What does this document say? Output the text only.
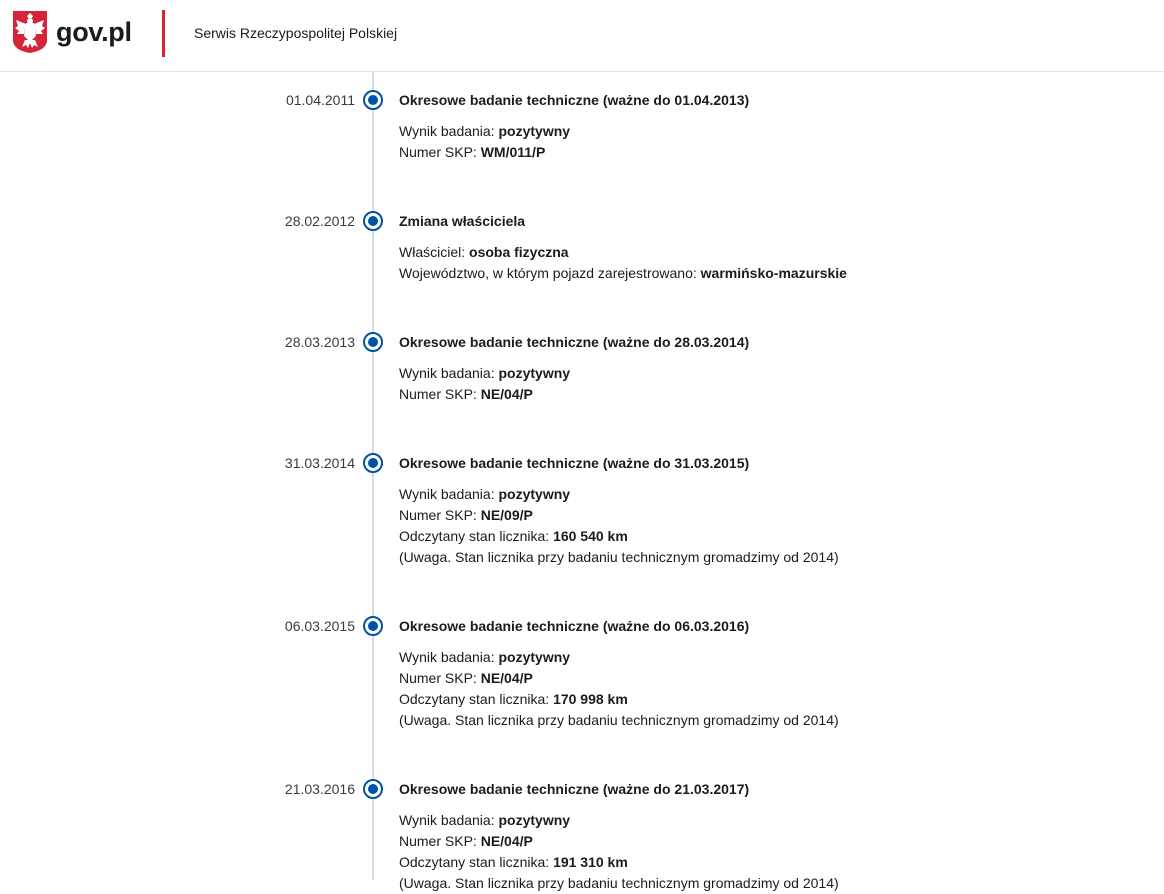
gov.pl	Serwis Rzeczypospolitej Polskiej
01.04.2011	Okresowe badanie techniczne (ważne do 01.04.2013)
Wynik badania: pozytywny
Numer SKP: WM/011/P
28.02.2012	Zmiana właściciela
Właściciel: osoba fizyczna
Województwo, w którym pojazd zarejestrowano: warmińsko-mazurskie
28.03.2013	Okresowe badanie techniczne (ważne do 28.03.2014)
Wynik badania: pozytywny
Numer SKP: NE/04/P
31.03.2014	Okresowe badanie techniczne (ważne do 31.03.2015)
Wynik badania: pozytywny
Numer SKP: NE/09/P
Odczytany stan licznika: 160 540 km
(Uwaga. Stan licznika przy badaniu technicznym gromadzimy od 2014)
06.03.2015	Okresowe badanie techniczne (ważne do 06.03.2016)
Wynik badania: pozytywny
Numer SKP: NE/04/P
Odczytany stan licznika: 170 998 km
(Uwaga. Stan licznika przy badaniu technicznym gromadzimy od 2014)
21.03.2016	Okresowe badanie techniczne (ważne do 21.03.2017)
Wynik badania: pozytywny
Numer SKP: NE/04/P
Odczytany stan licznika: 191 310 km
(Uwaga. Stan licznika przy badaniu technicznym gromadzimy od 2014)
